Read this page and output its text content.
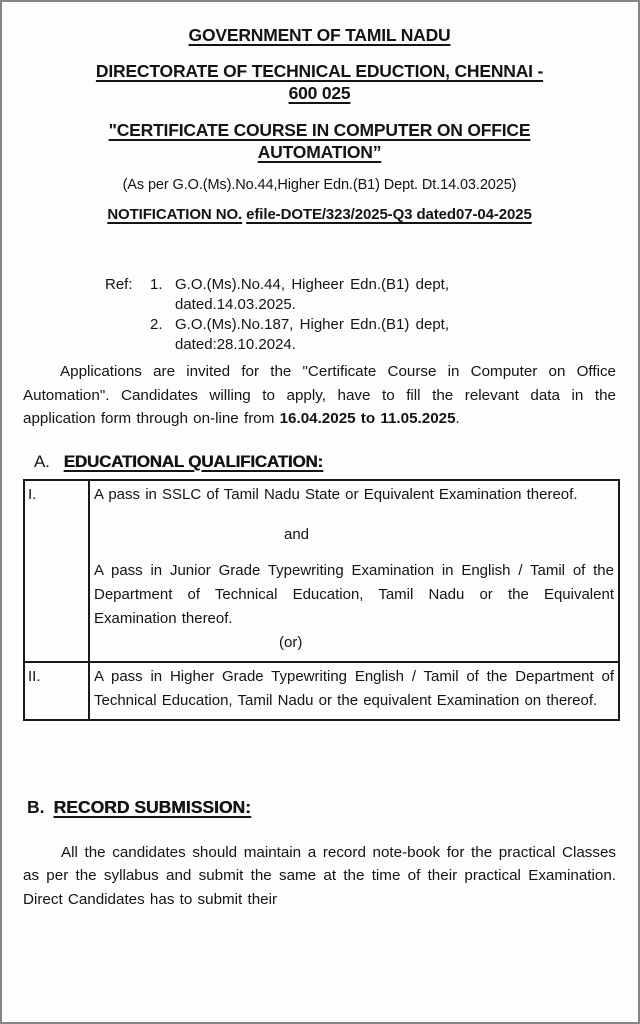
GOVERNMENT OF TAMIL NADU
DIRECTORATE OF TECHNICAL EDUCTION, CHENNAI -
600 025
"CERTIFICATE COURSE IN COMPUTER ON OFFICE
AUTOMATION”
(As per G.O.(Ms).No.44,Higher Edn.(B1) Dept. Dt.14.03.2025)
NOTIFICATION NO. efile-DOTE/323/2025-Q3 dated07-04-2025
Ref:	1. G.O.(Ms).No.44, Higheer Edn.(B1) dept,
dated.14.03.2025.
2. G.O.(Ms).No.187, Higher Edn.(B1) dept,
dated:28.10.2024.

Applications are invited for the "Certificate Course in Computer on Office Automation". Candidates willing to apply, have to fill the relevant data in the application form through on-line from 16.04.2025 to 11.05.2025.

A. EDUCATIONAL QUALIFICATION:
I.	A pass in SSLC of Tamil Nadu State or Equivalent Examination thereof.

and

A pass in Junior Grade Typewriting Examination in English / Tamil of the Department of Technical Education, Tamil Nadu or the Equivalent Examination thereof.

(or)

II.	A pass in Higher Grade Typewriting English / Tamil of the Department of Technical Education, Tamil Nadu or the equivalent Examination on thereof.

B. RECORD SUBMISSION:

All the candidates should maintain a record note-book for the practical Classes as per the syllabus and submit the same at the time of their practical Examination. Direct Candidates has to submit their
